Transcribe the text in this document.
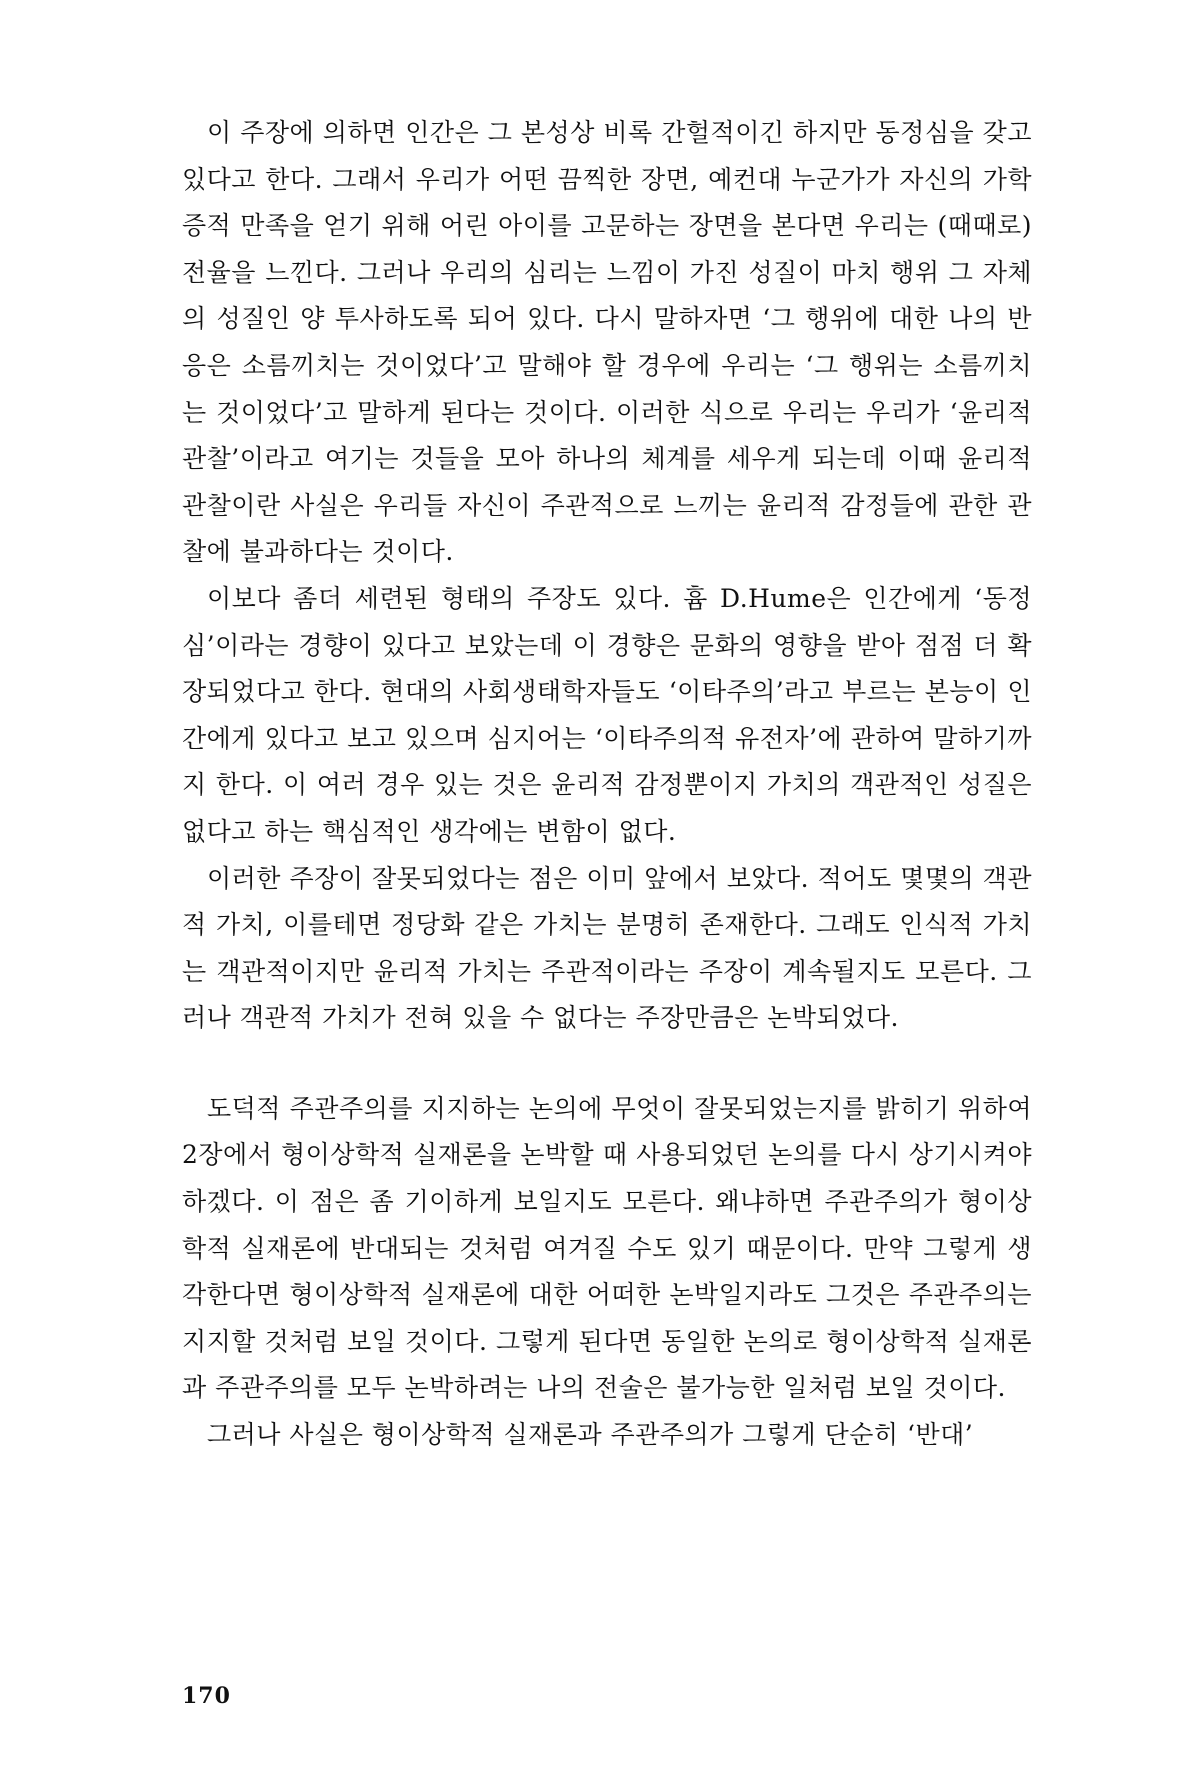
이 주장에 의하면 인간은 그 본성상 비록 간헐적이긴 하지만 동정심을 갖고 있다고 한다. 그래서 우리가 어떤 끔찍한 장면, 예컨대 누군가가 자신의 가학증적 만족을 얻기 위해 어린 아이를 고문하는 장면을 본다면 우리는 (때때로) 전율을 느낀다. 그러나 우리의 심리는 느낌이 가진 성질이 마치 행위 그 자체의 성질인 양 투사하도록 되어 있다. 다시 말하자면 ‘그 행위에 대한 나의 반응은 소름끼치는 것이었다’고 말해야 할 경우에 우리는 ‘그 행위는 소름끼치는 것이었다’고 말하게 된다는 것이다. 이러한 식으로 우리는 우리가 ‘윤리적 관찰’이라고 여기는 것들을 모아 하나의 체계를 세우게 되는데 이때 윤리적 관찰이란 사실은 우리들 자신이 주관적으로 느끼는 윤리적 감정들에 관한 관찰에 불과하다는 것이다.

이보다 좀더 세련된 형태의 주장도 있다. 흄 D.Hume은 인간에게 ‘동정심’이라는 경향이 있다고 보았는데 이 경향은 문화의 영향을 받아 점점 더 확장되었다고 한다. 현대의 사회생태학자들도 ‘이타주의’라고 부르는 본능이 인간에게 있다고 보고 있으며 심지어는 ‘이타주의적 유전자’에 관하여 말하기까지 한다. 이 여러 경우 있는 것은 윤리적 감정뿐이지 가치의 객관적인 성질은 없다고 하는 핵심적인 생각에는 변함이 없다.

이러한 주장이 잘못되었다는 점은 이미 앞에서 보았다. 적어도 몇몇의 객관적 가치, 이를테면 정당화 같은 가치는 분명히 존재한다. 그래도 인식적 가치는 객관적이지만 윤리적 가치는 주관적이라는 주장이 계속될지도 모른다. 그러나 객관적 가치가 전혀 있을 수 없다는 주장만큼은 논박되었다.

도덕적 주관주의를 지지하는 논의에 무엇이 잘못되었는지를 밝히기 위하여 2장에서 형이상학적 실재론을 논박할 때 사용되었던 논의를 다시 상기시켜야 하겠다. 이 점은 좀 기이하게 보일지도 모른다. 왜냐하면 주관주의가 형이상학적 실재론에 반대되는 것처럼 여겨질 수도 있기 때문이다. 만약 그렇게 생각한다면 형이상학적 실재론에 대한 어떠한 논박일지라도 그것은 주관주의는 지지할 것처럼 보일 것이다. 그렇게 된다면 동일한 논의로 형이상학적 실재론과 주관주의를 모두 논박하려는 나의 전술은 불가능한 일처럼 보일 것이다.

그러나 사실은 형이상학적 실재론과 주관주의가 그렇게 단순히 ‘반대’

170
